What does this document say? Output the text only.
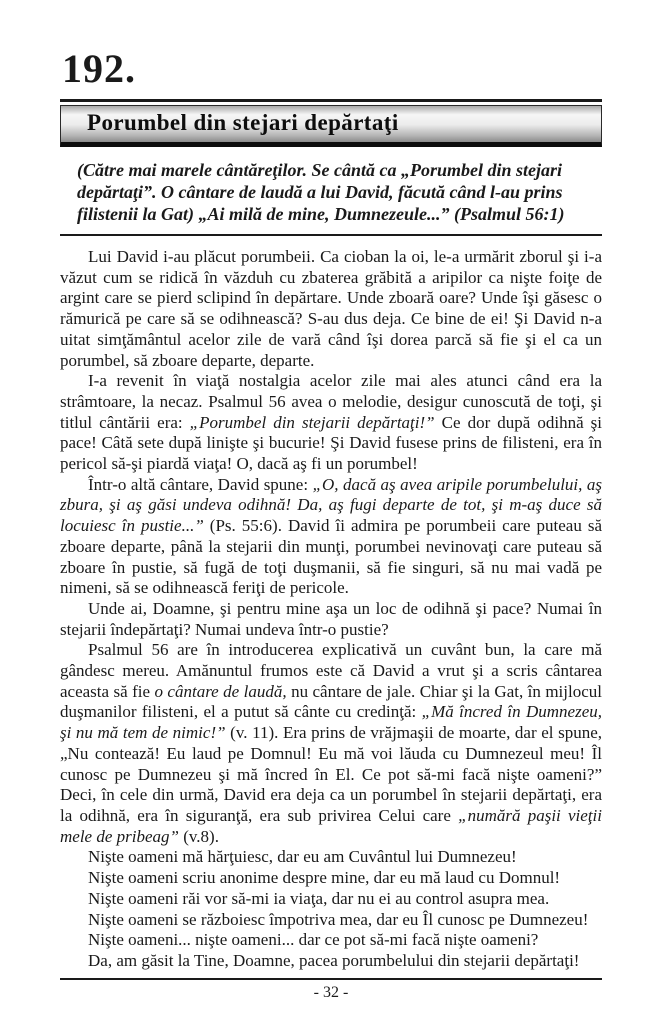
192.
Porumbel din stejari depărtaţi
(Către mai marele cântăreţilor. Se cântă ca „Porumbel din stejari depărtaţi”. O cântare de laudă a lui David, făcută când l-au prins filistenii la Gat) „Ai milă de mine, Dumnezeule...” (Psalmul 56:1)

Lui David i-au plăcut porumbeii. Ca cioban la oi, le-a urmărit zborul şi i-a văzut cum se ridică în văzduh cu zbaterea grăbită a aripilor ca nişte foiţe de argint care se pierd sclipind în depărtare. Unde zboară oare? Unde îşi găsesc o rămurică pe care să se odihnească? S-au dus deja. Ce bine de ei! Şi David n-a uitat simţământul acelor zile de vară când îşi dorea parcă să fie şi el ca un porumbel, să zboare departe, departe.

I-a revenit în viaţă nostalgia acelor zile mai ales atunci când era la strâmtoare, la necaz. Psalmul 56 avea o melodie, desigur cunoscută de toţi, şi titlul cântării era: „Porumbel din stejarii depărtaţi!” Ce dor după odihnă şi pace! Câtă sete după linişte şi bucurie! Şi David fusese prins de filisteni, era în pericol să-şi piardă viaţa! O, dacă aş fi un porumbel!

Într-o altă cântare, David spune: „O, dacă aş avea aripile porumbelului, aş zbura, şi aş găsi undeva odihnă! Da, aş fugi departe de tot, şi m-aş duce să locuiesc în pustie...” (Ps. 55:6). David îi admira pe porumbeii care puteau să zboare departe, până la stejarii din munţi, porumbei nevinovaţi care puteau să zboare în pustie, să fugă de toţi duşmanii, să fie singuri, să nu mai vadă pe nimeni, să se odihnească feriţi de pericole.

Unde ai, Doamne, şi pentru mine aşa un loc de odihnă şi pace? Numai în stejarii îndepărtaţi? Numai undeva într-o pustie?

Psalmul 56 are în introducerea explicativă un cuvânt bun, la care mă gândesc mereu. Amănuntul frumos este că David a vrut şi a scris cântarea aceasta să fie o cântare de laudă, nu cântare de jale. Chiar şi la Gat, în mijlocul duşmanilor filisteni, el a putut să cânte cu credinţă: „Mă încred în Dumnezeu, şi nu mă tem de nimic!” (v. 11). Era prins de vrăjmaşii de moarte, dar el spune, „Nu contează! Eu laud pe Domnul! Eu mă voi lăuda cu Dumnezeul meu! Îl cunosc pe Dumnezeu şi mă încred în El. Ce pot să-mi facă nişte oameni?” Deci, în cele din urmă, David era deja ca un porumbel în stejarii depărtaţi, era la odihnă, era în siguranţă, era sub privirea Celui care „numără paşii vieţii mele de pribeag” (v.8).

Nişte oameni mă hărţuiesc, dar eu am Cuvântul lui Dumnezeu!

Nişte oameni scriu anonime despre mine, dar eu mă laud cu Domnul!

Nişte oameni răi vor să-mi ia viaţa, dar nu ei au control asupra mea.

Nişte oameni se războiesc împotriva mea, dar eu Îl cunosc pe Dumnezeu!

Nişte oameni... nişte oameni... dar ce pot să-mi facă nişte oameni?

Da, am găsit la Tine, Doamne, pacea porumbelului din stejarii depărtaţi!

- 32 -
